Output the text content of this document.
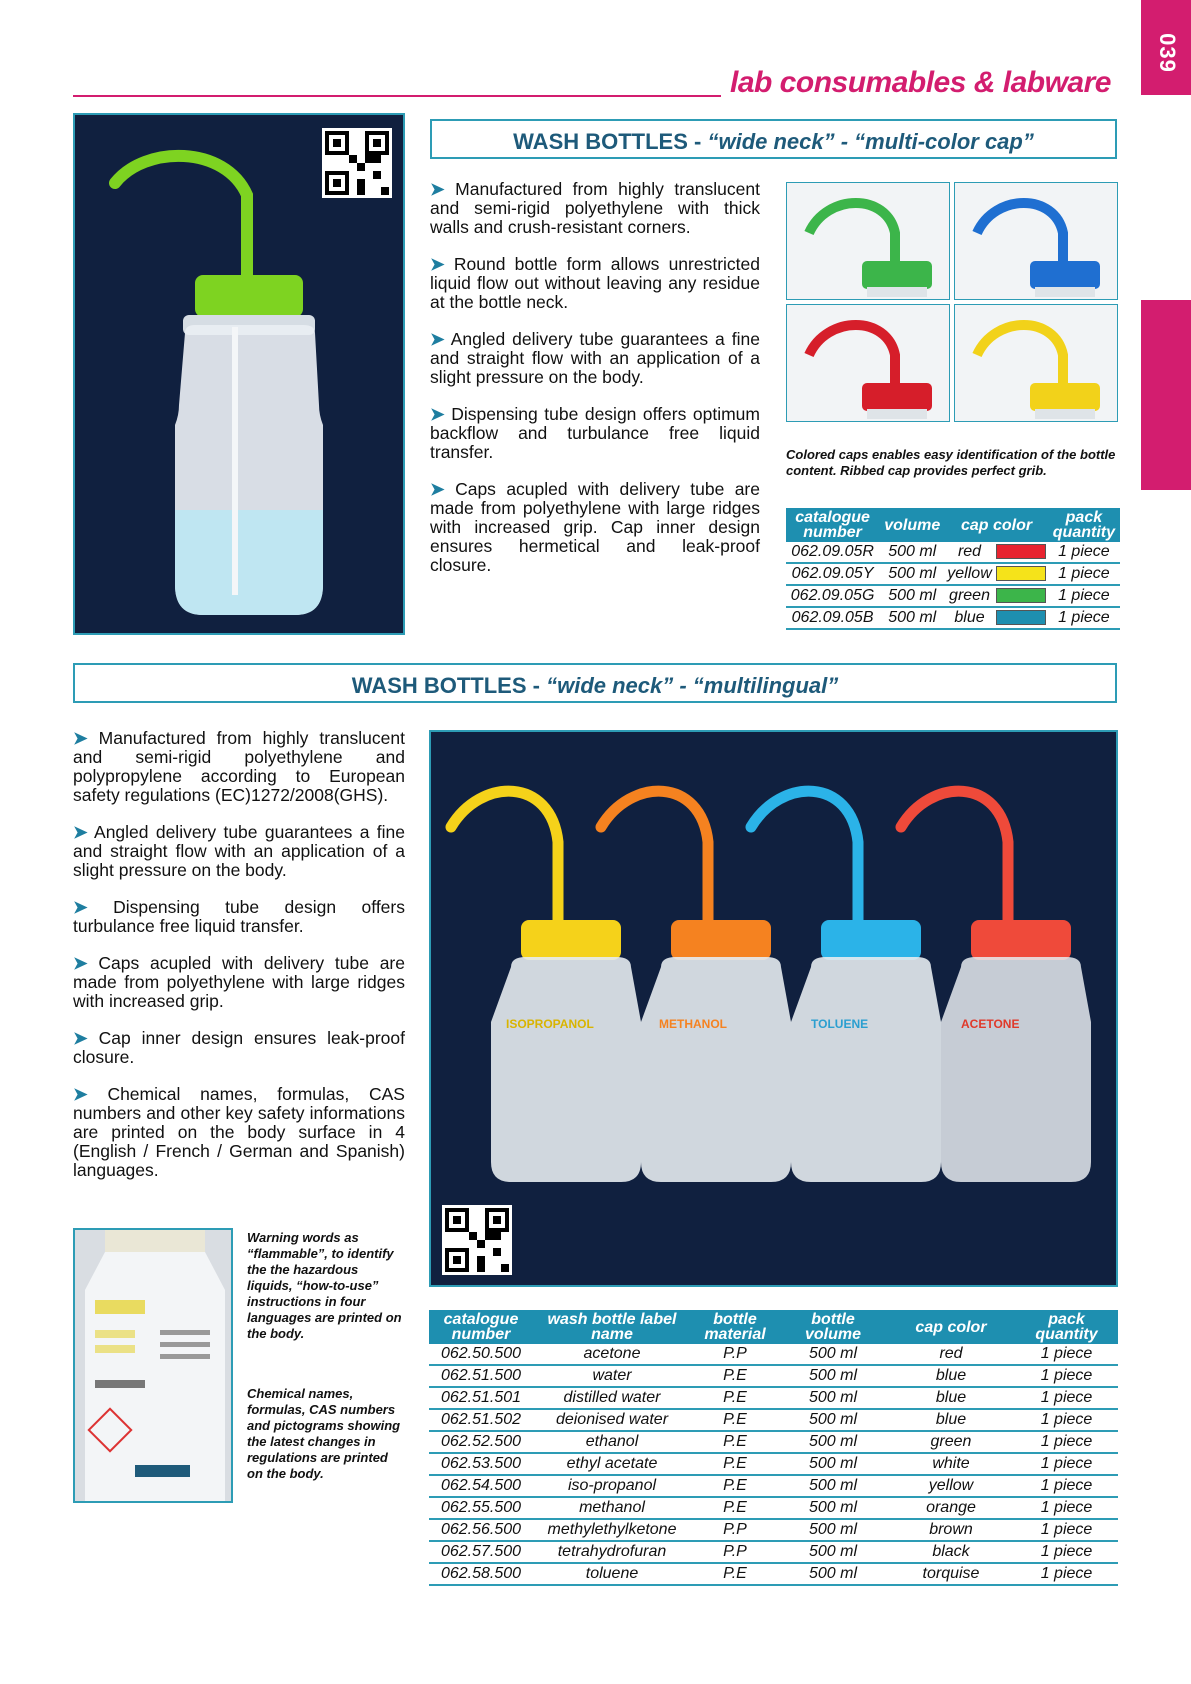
039
lab consumables & labware
WASH BOTTLES - “wide neck” - “multi-color cap”

➤ Manufactured from highly translucent and semi-rigid polyethylene with thick walls and crush-resistant corners.

➤ Round bottle form allows unrestricted liquid flow out without leaving any residue at the bottle neck.

➤ Angled delivery tube guarantees a fine and straight flow with an application of a slight pressure on the body.

➤ Dispensing tube design offers optimum backflow and turbulance free liquid transfer.

➤ Caps acupled with delivery tube are made from polyethylene with large ridges with increased grip. Cap inner design ensures hermetical and leak-proof closure.

Colored caps enables easy identification of the bottle content. Ribbed cap provides perfect grib.
catalogue number	volume	cap color		pack quantity
062.09.05R	500 ml	red		1 piece
062.09.05Y	500 ml	yellow		1 piece
062.09.05G	500 ml	green		1 piece
062.09.05B	500 ml	blue		1 piece
WASH BOTTLES - “wide neck” - “multilingual”

➤ Manufactured from highly translucent and semi-rigid polyethylene and polypropylene according to European safety regulations (EC)1272/2008(GHS).

➤ Angled delivery tube guarantees a fine and straight flow with an application of a slight pressure on the body.

➤ Dispensing tube design offers turbulance free liquid transfer.

➤ Caps acupled with delivery tube are made from polyethylene with large ridges with increased grip.

➤ Cap inner design ensures leak-proof closure.

➤ Chemical names, formulas, CAS numbers and other key safety informations are printed on the body surface in 4 (English / French / German and Spanish) languages.

ISOPROPANOL	METHANOL	TOLUENE	ACETONE
Warning words as “flammable”, to identify the the hazardous liquids, “how-to-use” instructions in four languages are printed on the body.
Chemical names, formulas, CAS numbers and pictograms showing the latest changes in regulations are printed on the body.
catalogue number	wash bottle label name	bottle material	bottle volume	cap color	pack quantity
062.50.500	acetone	P.P	500 ml	red	1 piece
062.51.500	water	P.E	500 ml	blue	1 piece
062.51.501	distilled water	P.E	500 ml	blue	1 piece
062.51.502	deionised water	P.E	500 ml	blue	1 piece
062.52.500	ethanol	P.E	500 ml	green	1 piece
062.53.500	ethyl acetate	P.E	500 ml	white	1 piece
062.54.500	iso-propanol	P.E	500 ml	yellow	1 piece
062.55.500	methanol	P.E	500 ml	orange	1 piece
062.56.500	methylethylketone	P.P	500 ml	brown	1 piece
062.57.500	tetrahydrofuran	P.P	500 ml	black	1 piece
062.58.500	toluene	P.E	500 ml	torquise	1 piece
